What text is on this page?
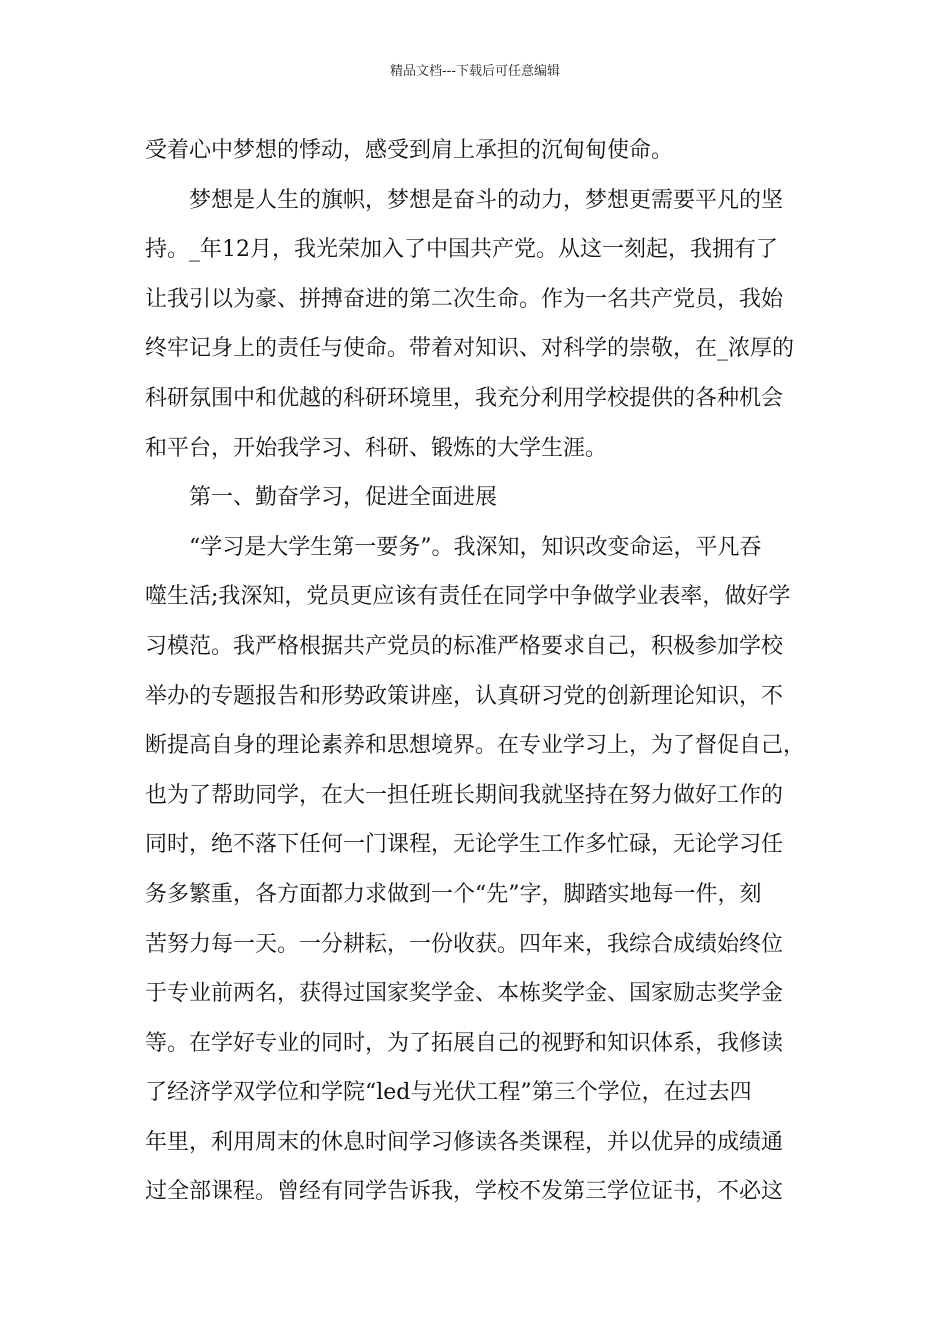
精品文档---下载后可任意编辑

受着心中梦想的悸动，感受到肩上承担的沉甸甸使命。

梦想是人生的旗帜，梦想是奋斗的动力，梦想更需要平凡的坚

持。_年12月，我光荣加入了中国共产党。从这一刻起，我拥有了

让我引以为豪、拼搏奋进的第二次生命。作为一名共产党员，我始

终牢记身上的责任与使命。带着对知识、对科学的崇敬，在_浓厚的

科研氛围中和优越的科研环境里，我充分利用学校提供的各种机会

和平台，开始我学习、科研、锻炼的大学生涯。

第一、勤奋学习，促进全面进展

“学习是大学生第一要务”。我深知，知识改变命运，平凡吞

噬生活;我深知，党员更应该有责任在同学中争做学业表率，做好学

习模范。我严格根据共产党员的标准严格要求自己，积极参加学校

举办的专题报告和形势政策讲座，认真研习党的创新理论知识，不

断提高自身的理论素养和思想境界。在专业学习上，为了督促自己，

也为了帮助同学，在大一担任班长期间我就坚持在努力做好工作的

同时，绝不落下任何一门课程，无论学生工作多忙碌，无论学习任

务多繁重，各方面都力求做到一个“先”字，脚踏实地每一件，刻

苦努力每一天。一分耕耘，一份收获。四年来，我综合成绩始终位

于专业前两名，获得过国家奖学金、本栋奖学金、国家励志奖学金

等。在学好专业的同时，为了拓展自己的视野和知识体系，我修读

了经济学双学位和学院“led与光伏工程”第三个学位，在过去四

年里，利用周末的休息时间学习修读各类课程，并以优异的成绩通

过全部课程。曾经有同学告诉我，学校不发第三学位证书，不必这
